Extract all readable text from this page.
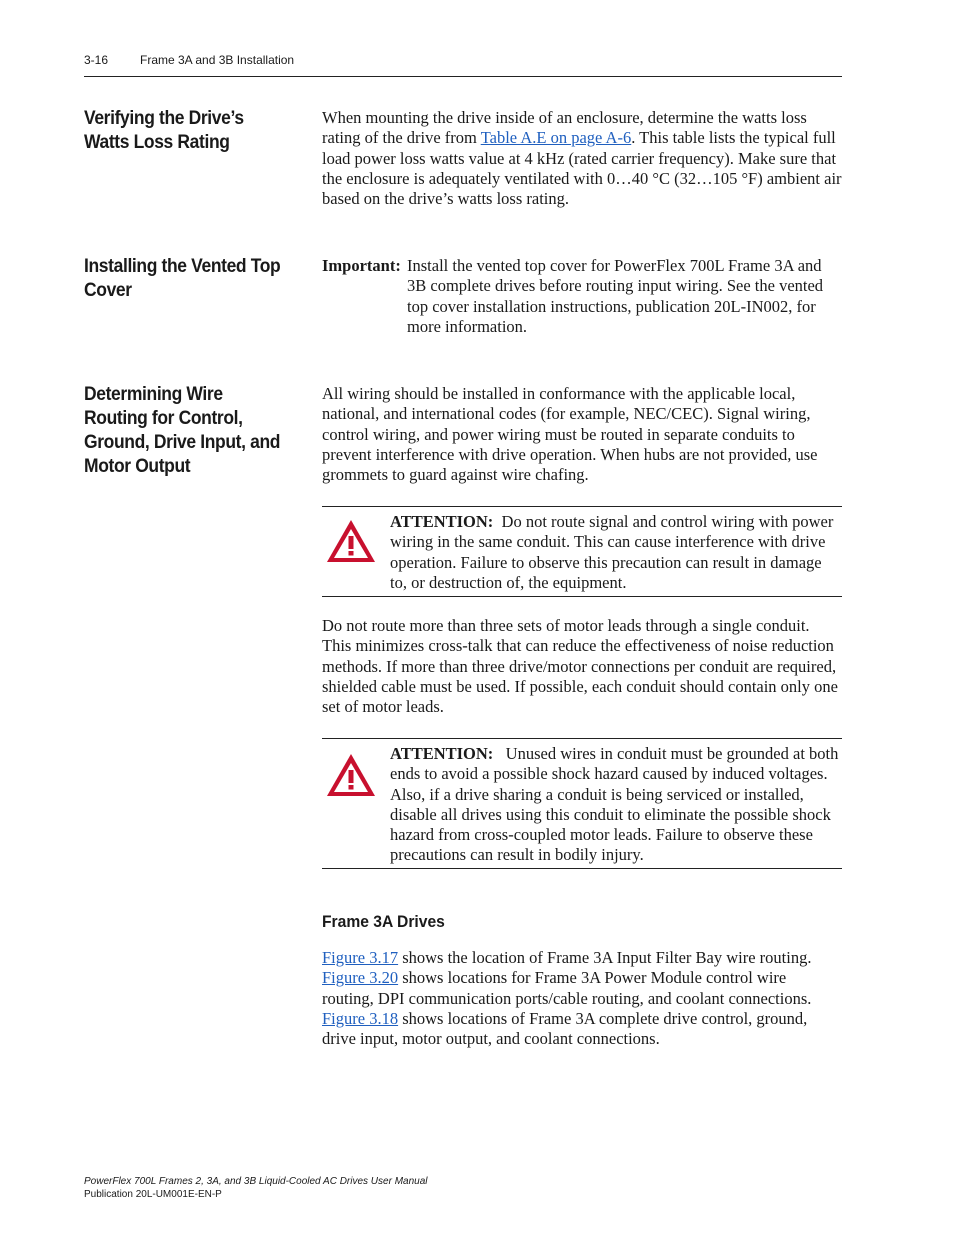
3-16	Frame 3A and 3B Installation
Verifying the Drive’s Watts Loss Rating

When mounting the drive inside of an enclosure, determine the watts loss rating of the drive from Table A.E on page A-6. This table lists the typical full load power loss watts value at 4 kHz (rated carrier frequency). Make sure that the enclosure is adequately ventilated with 0…40 °C (32…105 °F) ambient air based on the drive’s watts loss rating.

Installing the Vented Top Cover
Important: Install the vented top cover for PowerFlex 700L Frame 3A and 3B complete drives before routing input wiring. See the vented top cover installation instructions, publication 20L-IN002, for more information.
Determining Wire Routing for Control, Ground, Drive Input, and Motor Output
All wiring should be installed in conformance with the applicable local, national, and international codes (for example, NEC/CEC). Signal wiring, control wiring, and power wiring must be routed in separate conduits to prevent interference with drive operation. When hubs are not provided, use grommets to guard against wire chafing.
ATTENTION: Do not route signal and control wiring with power wiring in the same conduit. This can cause interference with drive operation. Failure to observe this precaution can result in damage to, or destruction of, the equipment.
Do not route more than three sets of motor leads through a single conduit. This minimizes cross-talk that can reduce the effectiveness of noise reduction methods. If more than three drive/motor connections per conduit are required, shielded cable must be used. If possible, each conduit should contain only one set of motor leads.
ATTENTION: Unused wires in conduit must be grounded at both ends to avoid a possible shock hazard caused by induced voltages. Also, if a drive sharing a conduit is being serviced or installed, disable all drives using this conduit to eliminate the possible shock hazard from cross-coupled motor leads. Failure to observe these precautions can result in bodily injury.
Frame 3A Drives

Figure 3.17 shows the location of Frame 3A Input Filter Bay wire routing. Figure 3.20 shows locations for Frame 3A Power Module control wire routing, DPI communication ports/cable routing, and coolant connections. Figure 3.18 shows locations of Frame 3A complete drive control, ground, drive input, motor output, and coolant connections.

PowerFlex 700L Frames 2, 3A, and 3B Liquid-Cooled AC Drives User Manual
Publication 20L-UM001E-EN-P
